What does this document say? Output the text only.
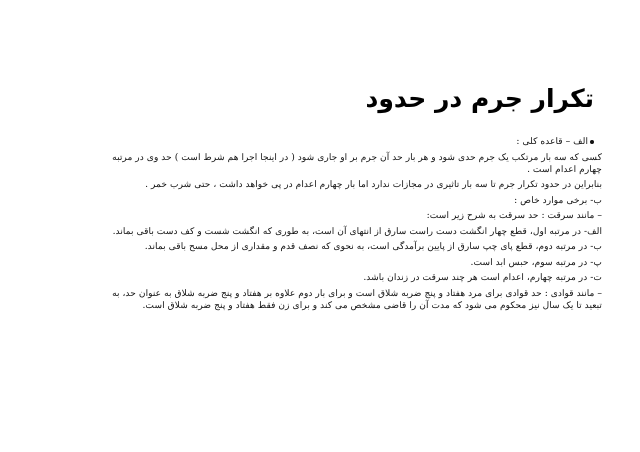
تکرار جرم در حدود
الف – قاعده کلی :
کسی که سه بار مرتکب یک جرم حدی شود و هر بار حد آن جرم بر او جاری شود ( در اینجا اجرا هم شرط است ) حد وی در مرتبه
چهارم اعدام است .
بنابراین در حدود تکرار جرم تا سه بار تاثیری در مجازات ندارد اما بار چهارم اعدام در پی خواهد داشت ، حتی شرب خمر .
ب- برخی موارد خاص :
– مانند سرقت : حد سرقت به شرح زیر است:
الف- در مرتبه اول، قطع چهار انگشت دست راست سارق از انتهای آن است، به طوری که انگشت شست و کف دست باقی بماند.
ب- در مرتبه دوم، قطع پای چپ سارق از پایین برآمدگی است، به نحوی که نصف قدم و مقداری از محل مسح باقی بماند.
پ- در مرتبه سوم، حبس ابد است.
ت- در مرتبه چهارم، اعدام است هر چند سرقت در زندان باشد.
– مانند قوادی : حد قوادی برای مرد هفتاد و پنج ضربه شلاق است و برای بار دوم علاوه بر هفتاد و پنج ضربه شلاق به عنوان حد، به
تبعید تا یک سال نیز محکوم می شود که مدت آن را قاضی مشخص می کند و برای زن فقط هفتاد و پنج ضربه شلاق است.
